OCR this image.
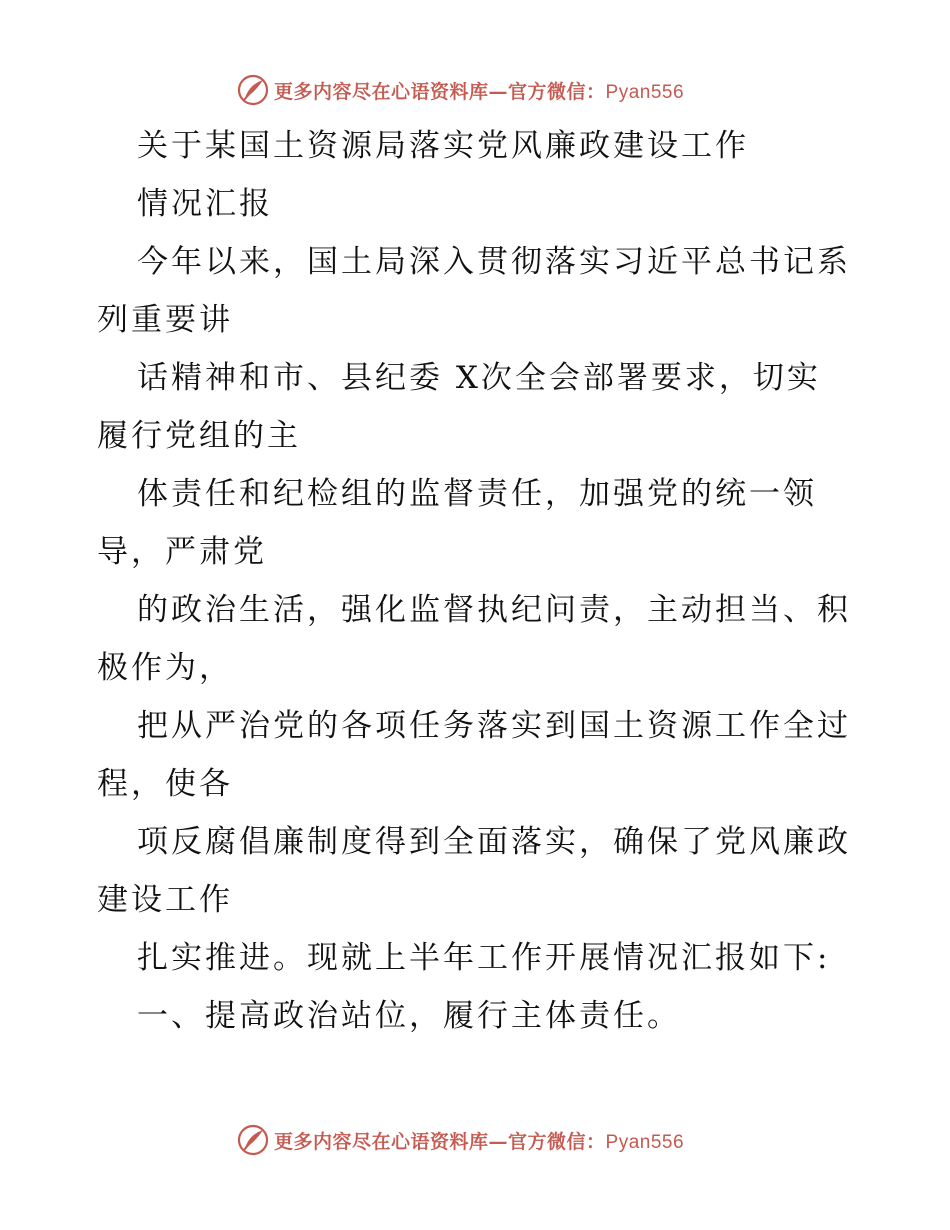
更多内容尽在心语资料库—官方微信：Pyan556
关于某国土资源局落实党风廉政建设工作
情况汇报
今年以来，国土局深入贯彻落实习近平总书记系
列重要讲
话精神和市、县纪委 X次全会部署要求，切实
履行党组的主
体责任和纪检组的监督责任，加强党的统一领
导，严肃党
的政治生活，强化监督执纪问责，主动担当、积
极作为，
把从严治党的各项任务落实到国土资源工作全过
程，使各
项反腐倡廉制度得到全面落实，确保了党风廉政
建设工作
扎实推进。现就上半年工作开展情况汇报如下:
一、提高政治站位，履行主体责任。
更多内容尽在心语资料库—官方微信：Pyan556
